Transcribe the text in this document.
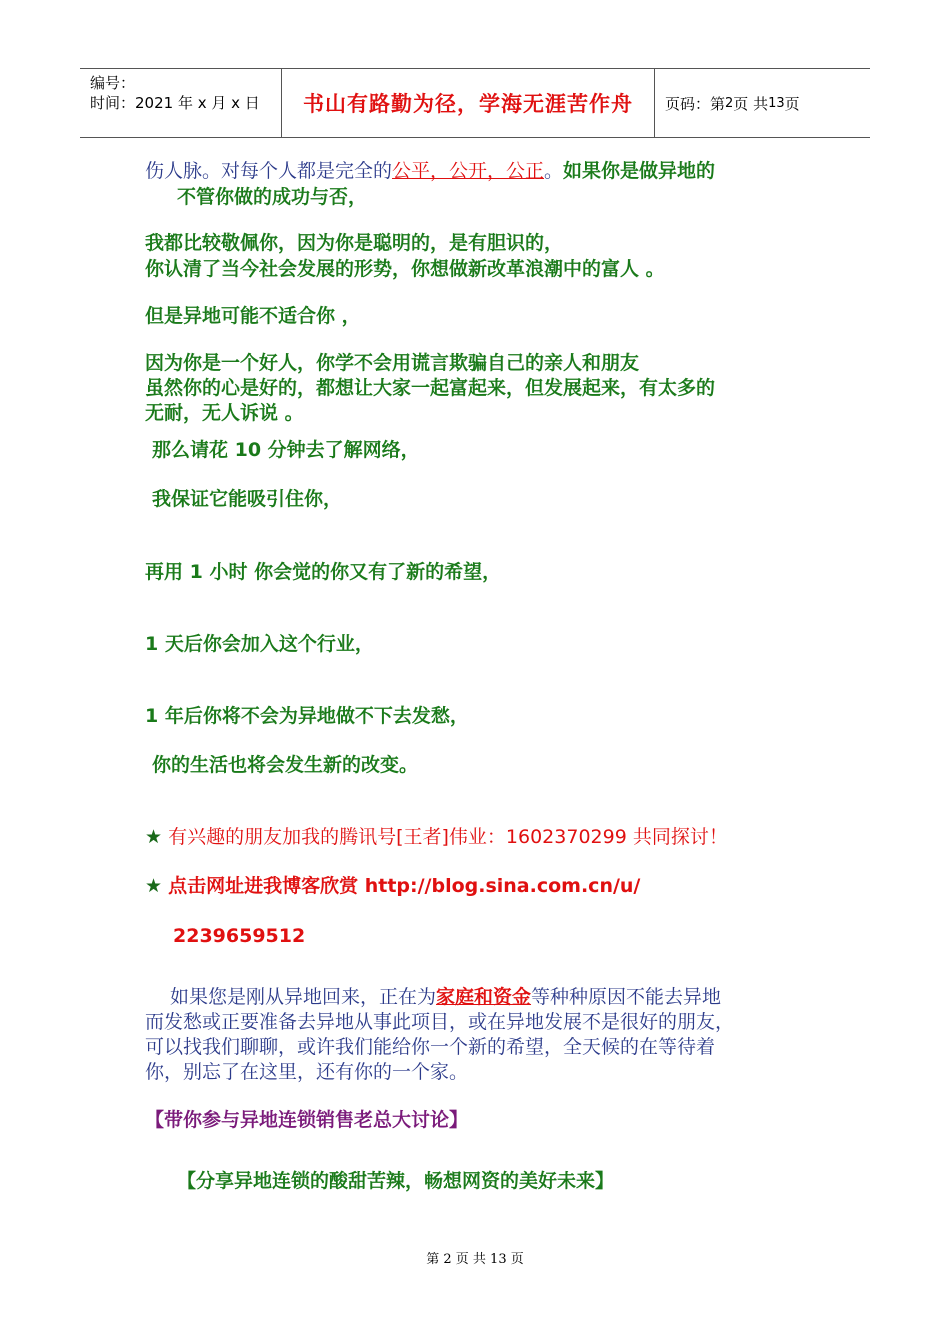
编号：
时间：2021 年 x 月 x 日	书山有路勤为径，学海无涯苦作舟	页码：第 2 页 共 13 页
伤人脉。对每个人都是完全的公平，公开，公正。如果你是做异地的
不管你做的成功与否，
我都比较敬佩你，因为你是聪明的，是有胆识的，
你认清了当今社会发展的形势，你想做新改革浪潮中的富人 。
但是异地可能不适合你 ，
因为你是一个好人，你学不会用谎言欺骗自己的亲人和朋友
虽然你的心是好的，都想让大家一起富起来，但发展起来，有太多的
无耐，无人诉说 。
那么请花 10 分钟去了解网络，
我保证它能吸引住你，
再用 1 小时 你会觉的你又有了新的希望，
1 天后你会加入这个行业，
1 年后你将不会为异地做不下去发愁，
你的生活也将会发生新的改变。
★ 有兴趣的朋友加我的腾讯号[王者]伟业：1602370299 共同探讨！
★ 点击网址进我博客欣赏 http://blog.sina.com.cn/u/
2239659512
如果您是刚从异地回来，正在为家庭和资金等种种原因不能去异地
而发愁或正要准备去异地从事此项目，或在异地发展不是很好的朋友，
可以找我们聊聊，或许我们能给你一个新的希望，全天候的在等待着
你，别忘了在这里，还有你的一个家。
【带你参与异地连锁销售老总大讨论】
【分享异地连锁的酸甜苦辣，畅想网资的美好未来】
第 2 页 共 13 页
